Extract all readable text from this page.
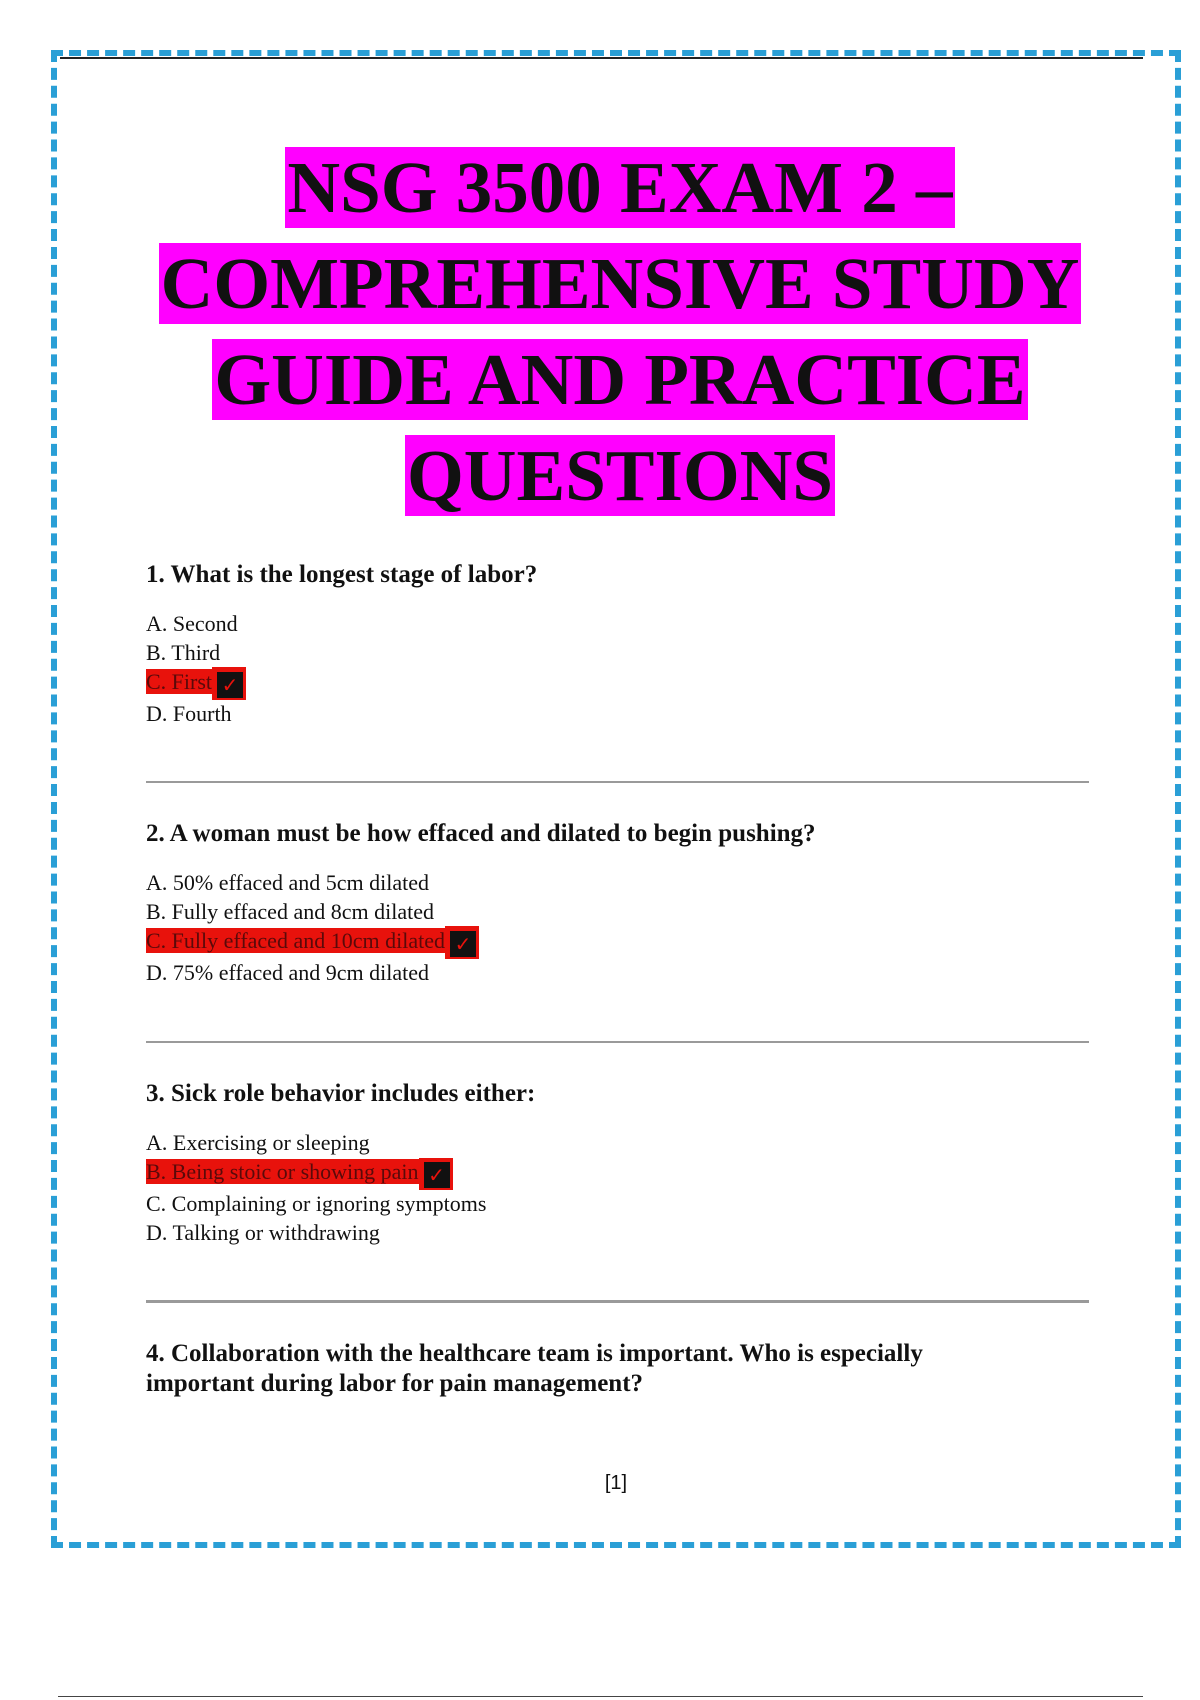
NSG 3500 EXAM 2 –
COMPREHENSIVE STUDY
GUIDE AND PRACTICE
QUESTIONS

1. What is the longest stage of labor?

A. Second
B. Third
C. First ✓
D. Fourth

2. A woman must be how effaced and dilated to begin pushing?

A. 50% effaced and 5cm dilated
B. Fully effaced and 8cm dilated
C. Fully effaced and 10cm dilated ✓
D. 75% effaced and 9cm dilated

3. Sick role behavior includes either:

A. Exercising or sleeping
B. Being stoic or showing pain ✓
C. Complaining or ignoring symptoms
D. Talking or withdrawing

4. Collaboration with the healthcare team is important. Who is especially important during labor for pain management?

[1]
